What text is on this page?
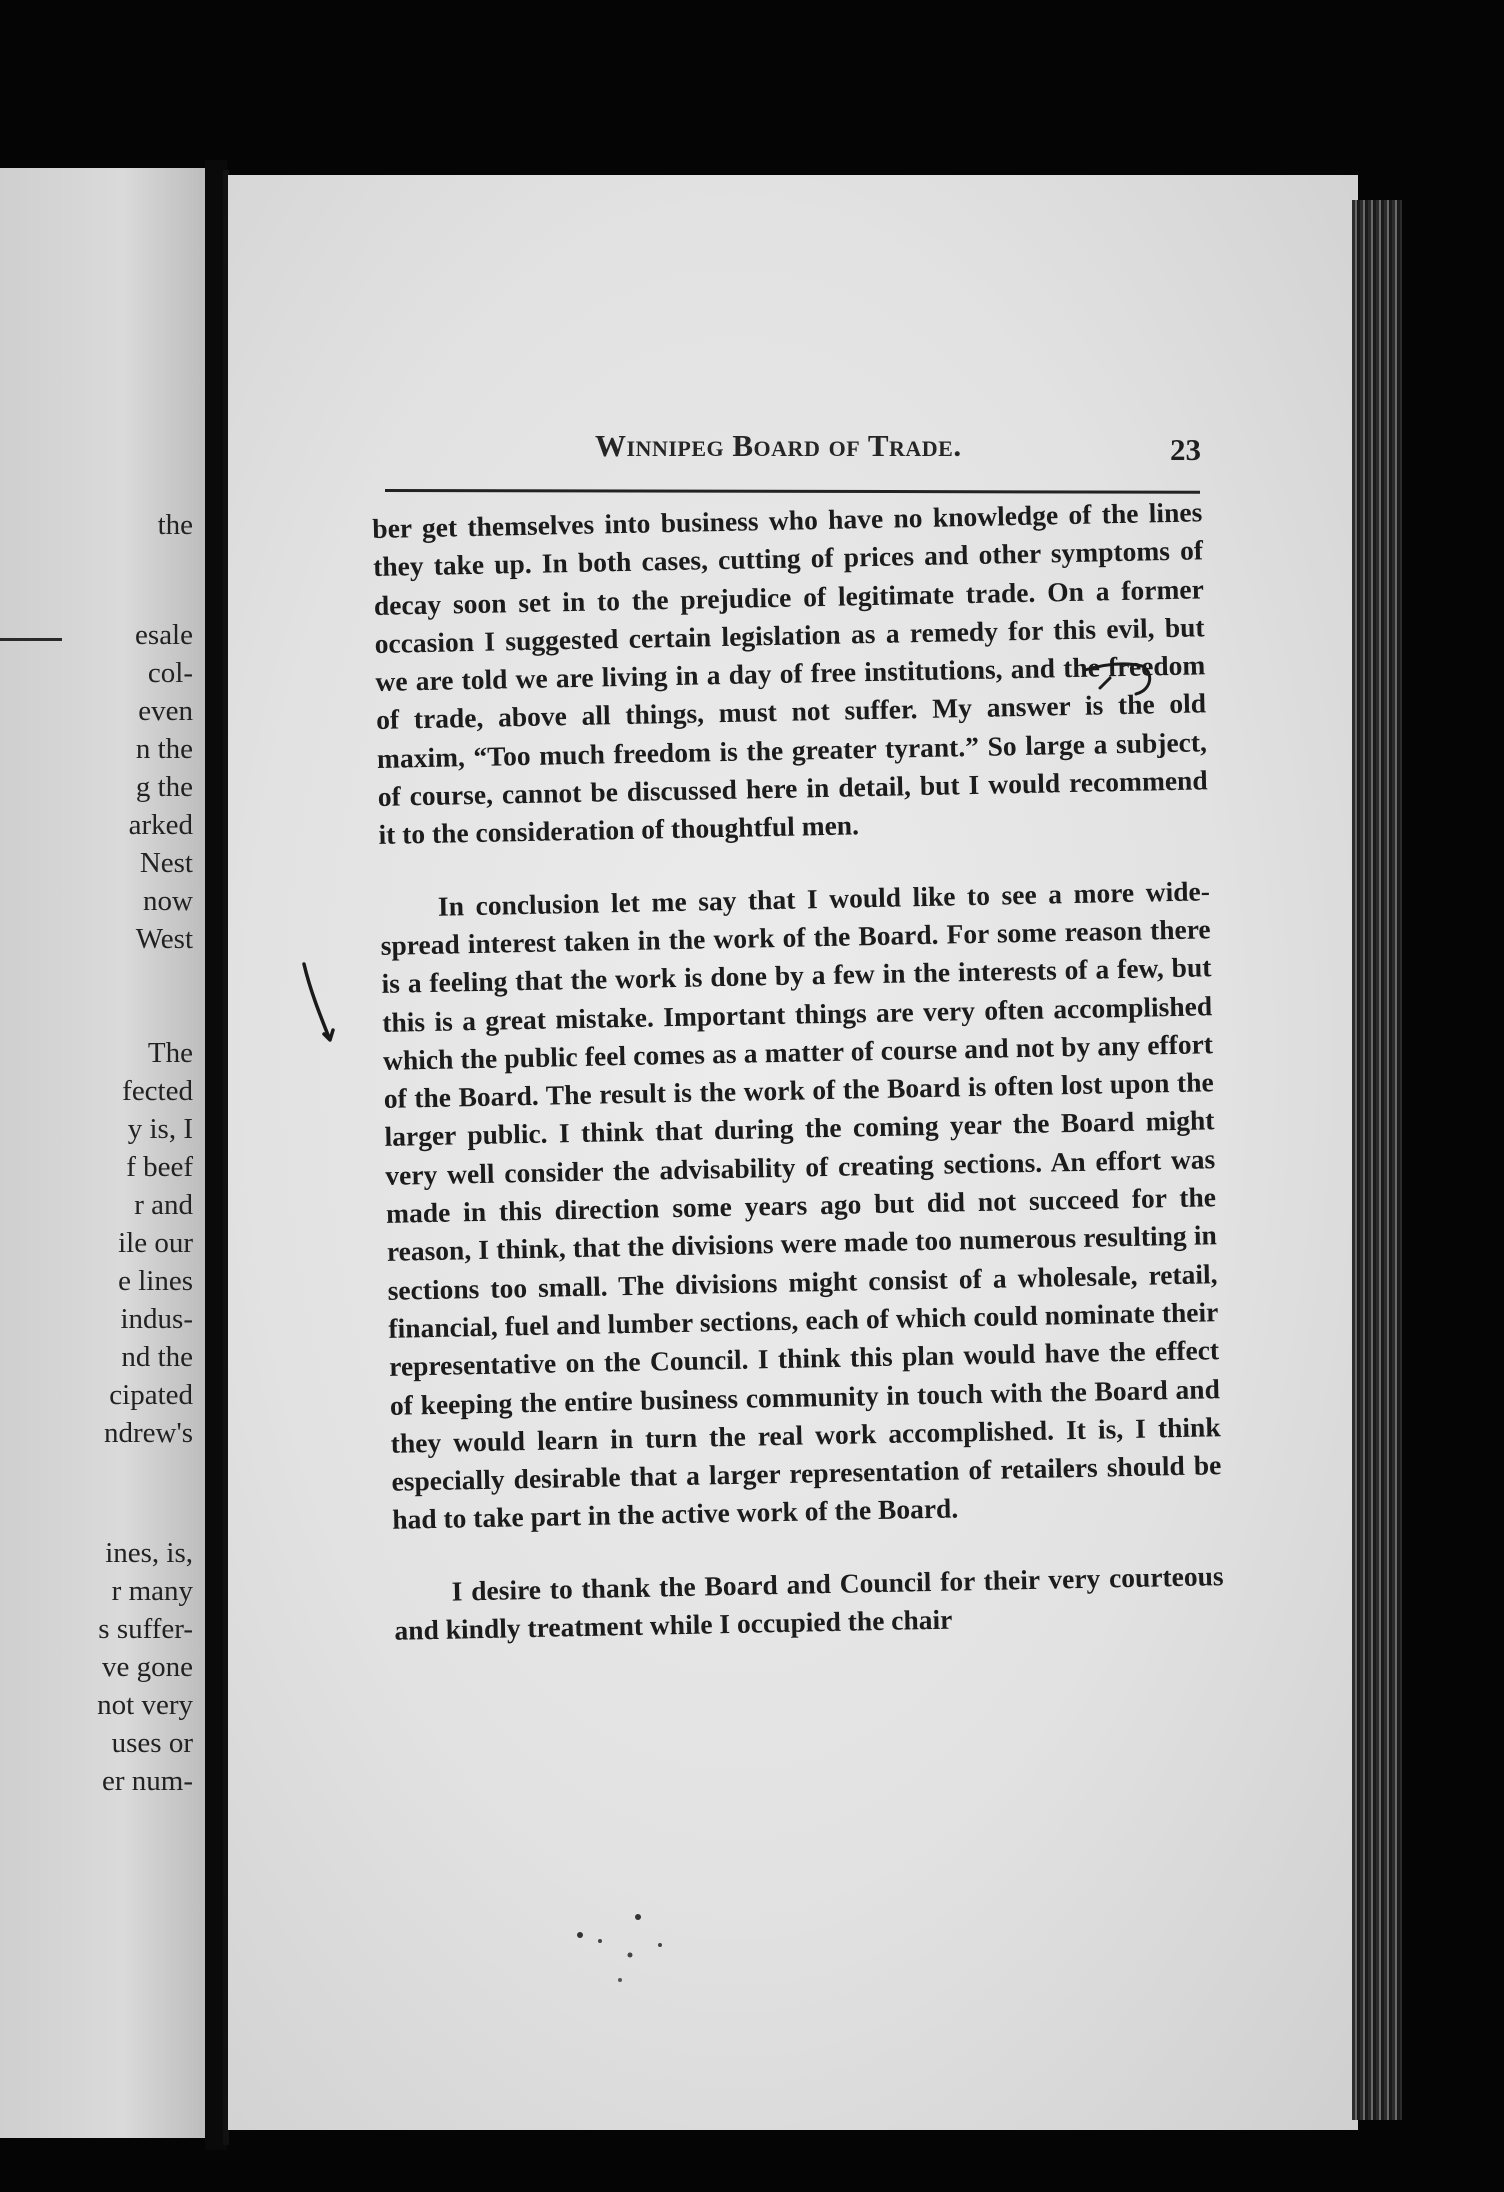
the
esale
col-
even
n the
g the
arked
Nest
now
West
The
fected
y is, I
f beef
r and
ile our
e lines
indus-
nd the
cipated
ndrew's
ines, is,
r many
s suffer-
ve gone
not very
uses or
er num-
Winnipeg Board of Trade.	23

ber get themselves into business who have no knowledge of the lines they take up. In both cases, cutting of prices and other symptoms of decay soon set in to the prejudice of legitimate trade. On a former occasion I suggested certain legislation as a remedy for this evil, but we are told we are living in a day of free institutions, and the freedom of trade, above all things, must not suffer. My answer is the old maxim, “Too much freedom is the greater tyrant.” So large a subject, of course, cannot be discussed here in detail, but I would recommend it to the consideration of thoughtful men.

In conclusion let me say that I would like to see a more wide-spread interest taken in the work of the Board. For some reason there is a feeling that the work is done by a few in the interests of a few, but this is a great mistake. Important things are very often accomplished which the public feel comes as a matter of course and not by any effort of the Board. The result is the work of the Board is often lost upon the larger public. I think that during the coming year the Board might very well consider the advisability of creating sections. An effort was made in this direction some years ago but did not succeed for the reason, I think, that the divisions were made too numerous resulting in sections too small. The divisions might consist of a wholesale, retail, financial, fuel and lumber sections, each of which could nominate their representative on the Council. I think this plan would have the effect of keeping the entire business community in touch with the Board and they would learn in turn the real work accomplished. It is, I think especially desirable that a larger representation of retailers should be had to take part in the active work of the Board.

I desire to thank the Board and Council for their very courteous and kindly treatment while I occupied the chair
